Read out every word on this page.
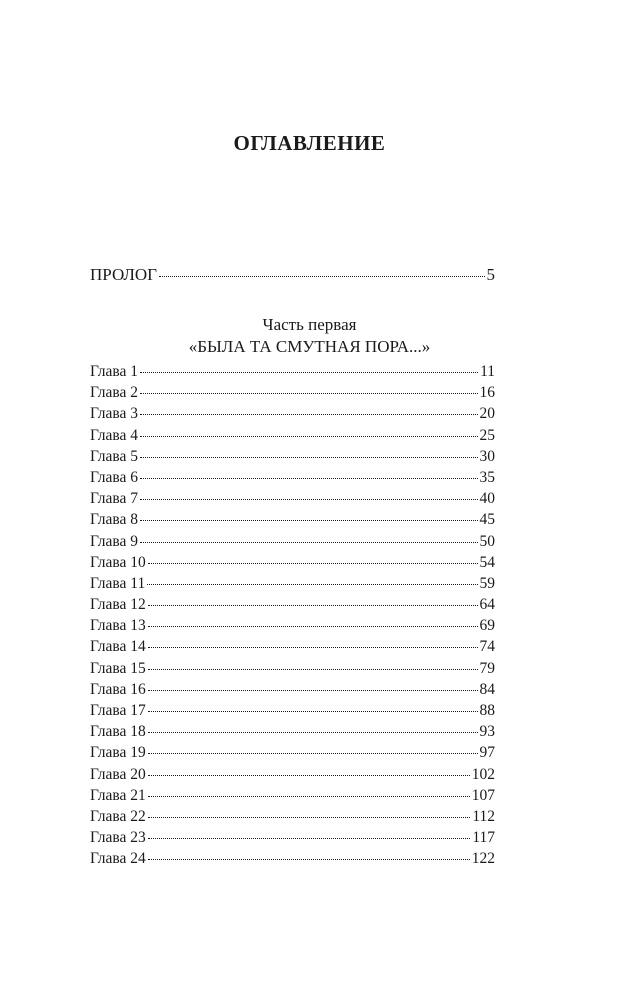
ОГЛАВЛЕНИЕ
ПРОЛОГ	5
Часть первая
«БЫЛА ТА СМУТНАЯ ПОРА...»
Глава 1	11
Глава 2	16
Глава 3	20
Глава 4	25
Глава 5	30
Глава 6	35
Глава 7	40
Глава 8	45
Глава 9	50
Глава 10	54
Глава 11	59
Глава 12	64
Глава 13	69
Глава 14	74
Глава 15	79
Глава 16	84
Глава 17	88
Глава 18	93
Глава 19	97
Глава 20	102
Глава 21	107
Глава 22	112
Глава 23	117
Глава 24	122
